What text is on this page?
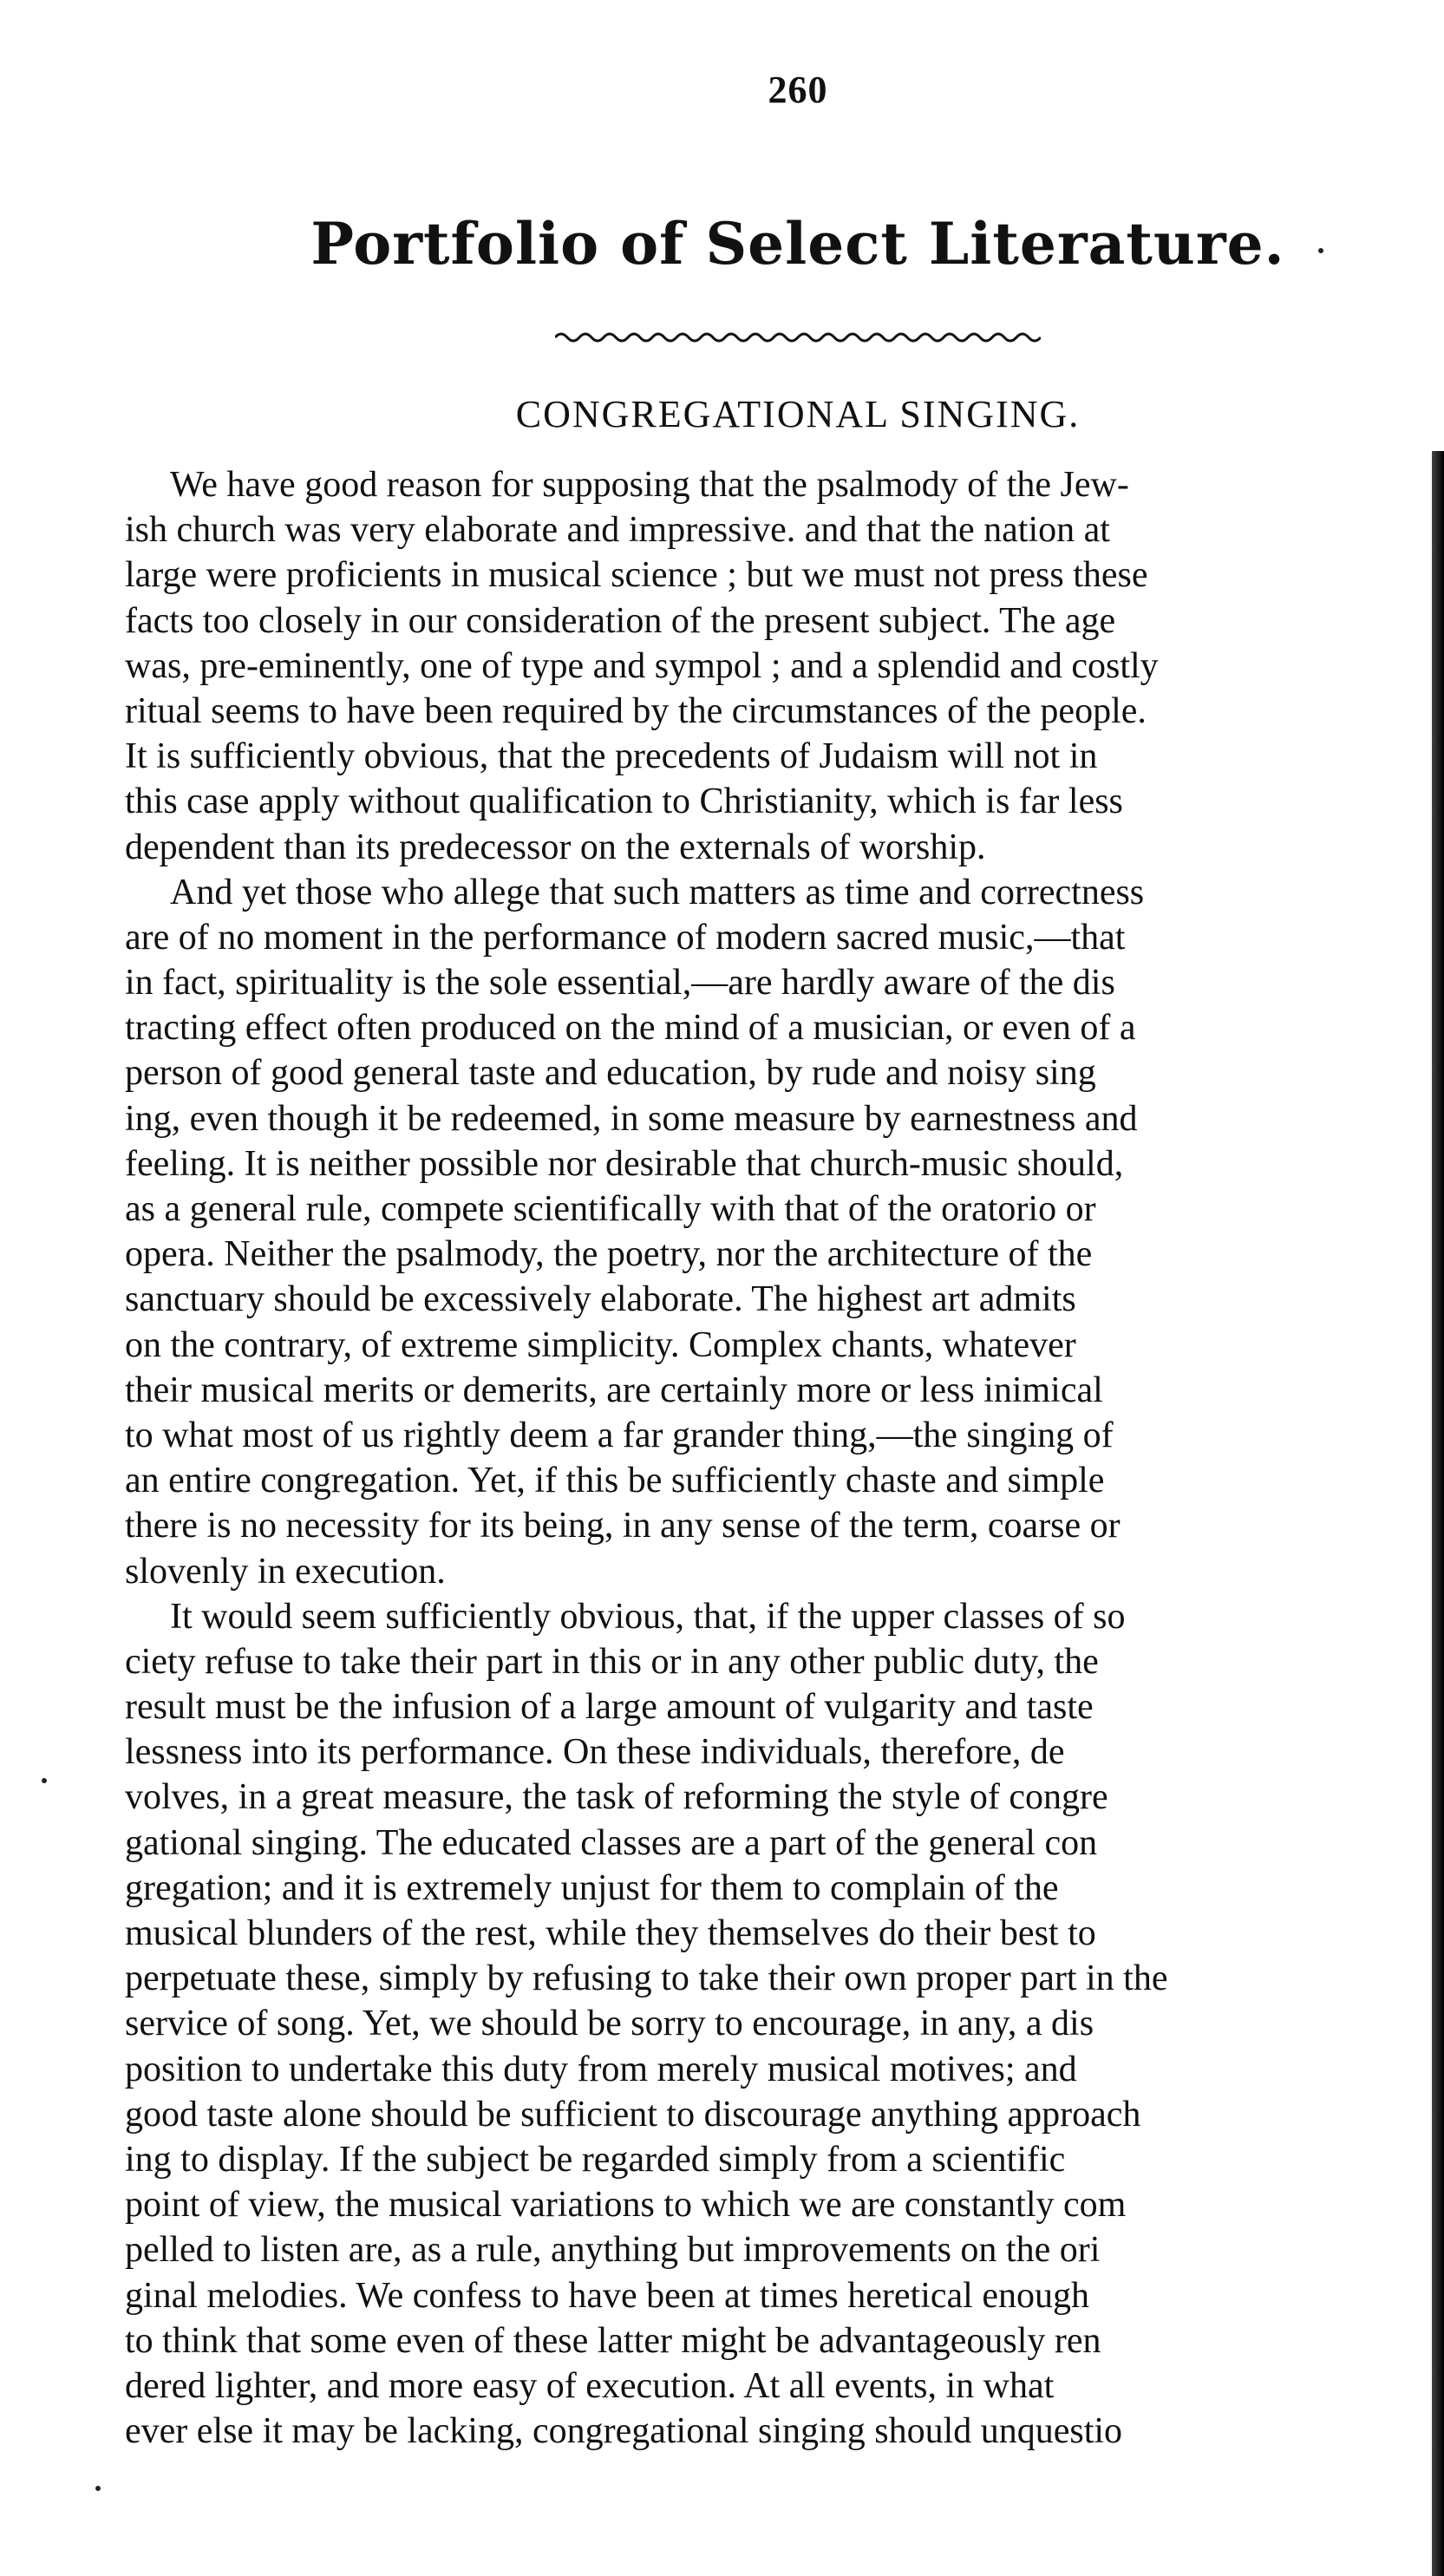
260
Portfolio of Select Literature.
CONGREGATIONAL SINGING.
We have good reason for supposing that the psalmody of the Jew-
ish church was very elaborate and impressive. and that the nation at
large were proficients in musical science ; but we must not press these
facts too closely in our consideration of the present subject. The age
was, pre-eminently, one of type and sympol ; and a splendid and costly
ritual seems to have been required by the circumstances of the people.
It is sufficiently obvious, that the precedents of Judaism will not in
this case apply without qualification to Christianity, which is far less
dependent than its predecessor on the externals of worship.
And yet those who allege that such matters as time and correctness
are of no moment in the performance of modern sacred music,—that
in fact, spirituality is the sole essential,—are hardly aware of the dis
tracting effect often produced on the mind of a musician, or even of a
person of good general taste and education, by rude and noisy sing
ing, even though it be redeemed, in some measure by earnestness and
feeling. It is neither possible nor desirable that church-music should,
as a general rule, compete scientifically with that of the oratorio or
opera. Neither the psalmody, the poetry, nor the architecture of the
sanctuary should be excessively elaborate. The highest art admits
on the contrary, of extreme simplicity. Complex chants, whatever
their musical merits or demerits, are certainly more or less inimical
to what most of us rightly deem a far grander thing,—the singing of
an entire congregation. Yet, if this be sufficiently chaste and simple
there is no necessity for its being, in any sense of the term, coarse or
slovenly in execution.
It would seem sufficiently obvious, that, if the upper classes of so
ciety refuse to take their part in this or in any other public duty, the
result must be the infusion of a large amount of vulgarity and taste
lessness into its performance. On these individuals, therefore, de
volves, in a great measure, the task of reforming the style of congre
gational singing. The educated classes are a part of the general con
gregation; and it is extremely unjust for them to complain of the
musical blunders of the rest, while they themselves do their best to
perpetuate these, simply by refusing to take their own proper part in the
service of song. Yet, we should be sorry to encourage, in any, a dis
position to undertake this duty from merely musical motives; and
good taste alone should be sufficient to discourage anything approach
ing to display. If the subject be regarded simply from a scientific
point of view, the musical variations to which we are constantly com
pelled to listen are, as a rule, anything but improvements on the ori
ginal melodies. We confess to have been at times heretical enough
to think that some even of these latter might be advantageously ren
dered lighter, and more easy of execution. At all events, in what
ever else it may be lacking, congregational singing should unquestio
